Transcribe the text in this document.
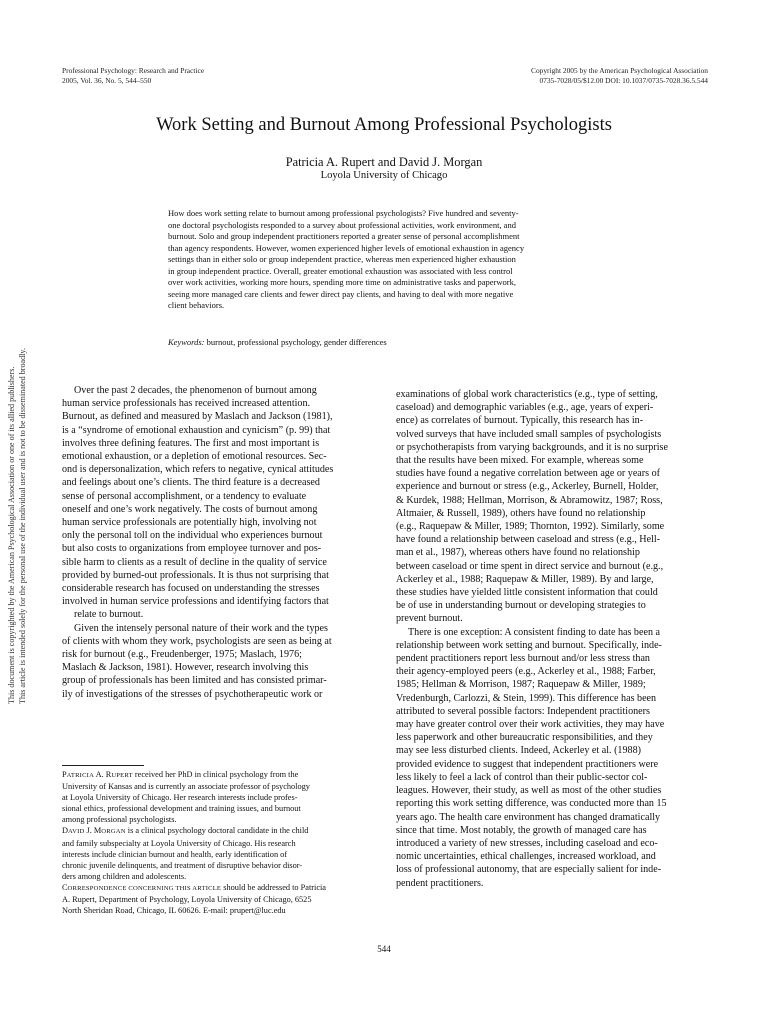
Professional Psychology: Research and Practice
2005, Vol. 36, No. 5, 544–550
Copyright 2005 by the American Psychological Association
0735-7028/05/$12.00 DOI: 10.1037/0735-7028.36.5.544
Work Setting and Burnout Among Professional Psychologists
Patricia A. Rupert and David J. Morgan
Loyola University of Chicago
How does work setting relate to burnout among professional psychologists? Five hundred and seventy-
one doctoral psychologists responded to a survey about professional activities, work environment, and
burnout. Solo and group independent practitioners reported a greater sense of personal accomplishment
than agency respondents. However, women experienced higher levels of emotional exhaustion in agency
settings than in either solo or group independent practice, whereas men experienced higher exhaustion
in group independent practice. Overall, greater emotional exhaustion was associated with less control
over work activities, working more hours, spending more time on administrative tasks and paperwork,
seeing more managed care clients and fewer direct pay clients, and having to deal with more negative
client behaviors.
Keywords: burnout, professional psychology, gender differences
Over the past 2 decades, the phenomenon of burnout among
human service professionals has received increased attention.
Burnout, as defined and measured by Maslach and Jackson (1981),
is a “syndrome of emotional exhaustion and cynicism” (p. 99) that
involves three defining features. The first and most important is
emotional exhaustion, or a depletion of emotional resources. Sec-
ond is depersonalization, which refers to negative, cynical attitudes
and feelings about one’s clients. The third feature is a decreased
sense of personal accomplishment, or a tendency to evaluate
oneself and one’s work negatively. The costs of burnout among
human service professionals are potentially high, involving not
only the personal toll on the individual who experiences burnout
but also costs to organizations from employee turnover and pos-
sible harm to clients as a result of decline in the quality of service
provided by burned-out professionals. It is thus not surprising that
considerable research has focused on understanding the stresses
involved in human service professions and identifying factors that
relate to burnout.
Given the intensely personal nature of their work and the types
of clients with whom they work, psychologists are seen as being at
risk for burnout (e.g., Freudenberger, 1975; Maslach, 1976;
Maslach & Jackson, 1981). However, research involving this
group of professionals has been limited and has consisted primar-
ily of investigations of the stresses of psychotherapeutic work or
examinations of global work characteristics (e.g., type of setting,
caseload) and demographic variables (e.g., age, years of experi-
ence) as correlates of burnout. Typically, this research has in-
volved surveys that have included small samples of psychologists
or psychotherapists from varying backgrounds, and it is no surprise
that the results have been mixed. For example, whereas some
studies have found a negative correlation between age or years of
experience and burnout or stress (e.g., Ackerley, Burnell, Holder,
& Kurdek, 1988; Hellman, Morrison, & Abramowitz, 1987; Ross,
Altmaier, & Russell, 1989), others have found no relationship
(e.g., Raquepaw & Miller, 1989; Thornton, 1992). Similarly, some
have found a relationship between caseload and stress (e.g., Hell-
man et al., 1987), whereas others have found no relationship
between caseload or time spent in direct service and burnout (e.g.,
Ackerley et al., 1988; Raquepaw & Miller, 1989). By and large,
these studies have yielded little consistent information that could
be of use in understanding burnout or developing strategies to
prevent burnout.
There is one exception: A consistent finding to date has been a
relationship between work setting and burnout. Specifically, inde-
pendent practitioners report less burnout and/or less stress than
their agency-employed peers (e.g., Ackerley et al., 1988; Farber,
1985; Hellman & Morrison, 1987; Raquepaw & Miller, 1989;
Vredenburgh, Carlozzi, & Stein, 1999). This difference has been
attributed to several possible factors: Independent practitioners
may have greater control over their work activities, they may have
less paperwork and other bureaucratic responsibilities, and they
may see less disturbed clients. Indeed, Ackerley et al. (1988)
provided evidence to suggest that independent practitioners were
less likely to feel a lack of control than their public-sector col-
leagues. However, their study, as well as most of the other studies
reporting this work setting difference, was conducted more than 15
years ago. The health care environment has changed dramatically
since that time. Most notably, the growth of managed care has
introduced a variety of new stresses, including caseload and eco-
nomic uncertainties, ethical challenges, increased workload, and
loss of professional autonomy, that are especially salient for inde-
pendent practitioners.
PATRICIA A. RUPERT received her PhD in clinical psychology from the
University of Kansas and is currently an associate professor of psychology
at Loyola University of Chicago. Her research interests include profes-
sional ethics, professional development and training issues, and burnout
among professional psychologists.
DAVID J. MORGAN is a clinical psychology doctoral candidate in the child
and family subspecialty at Loyola University of Chicago. His research
interests include clinician burnout and health, early identification of
chronic juvenile delinquents, and treatment of disruptive behavior disor-
ders among children and adolescents.
CORRESPONDENCE CONCERNING THIS ARTICLE should be addressed to Patricia
A. Rupert, Department of Psychology, Loyola University of Chicago, 6525
North Sheridan Road, Chicago, IL 60626. E-mail: prupert@luc.edu
544
This document is copyrighted by the American Psychological Association or one of its allied publishers. This article is intended solely for the personal use of the individual user and is not to be disseminated broadly.
